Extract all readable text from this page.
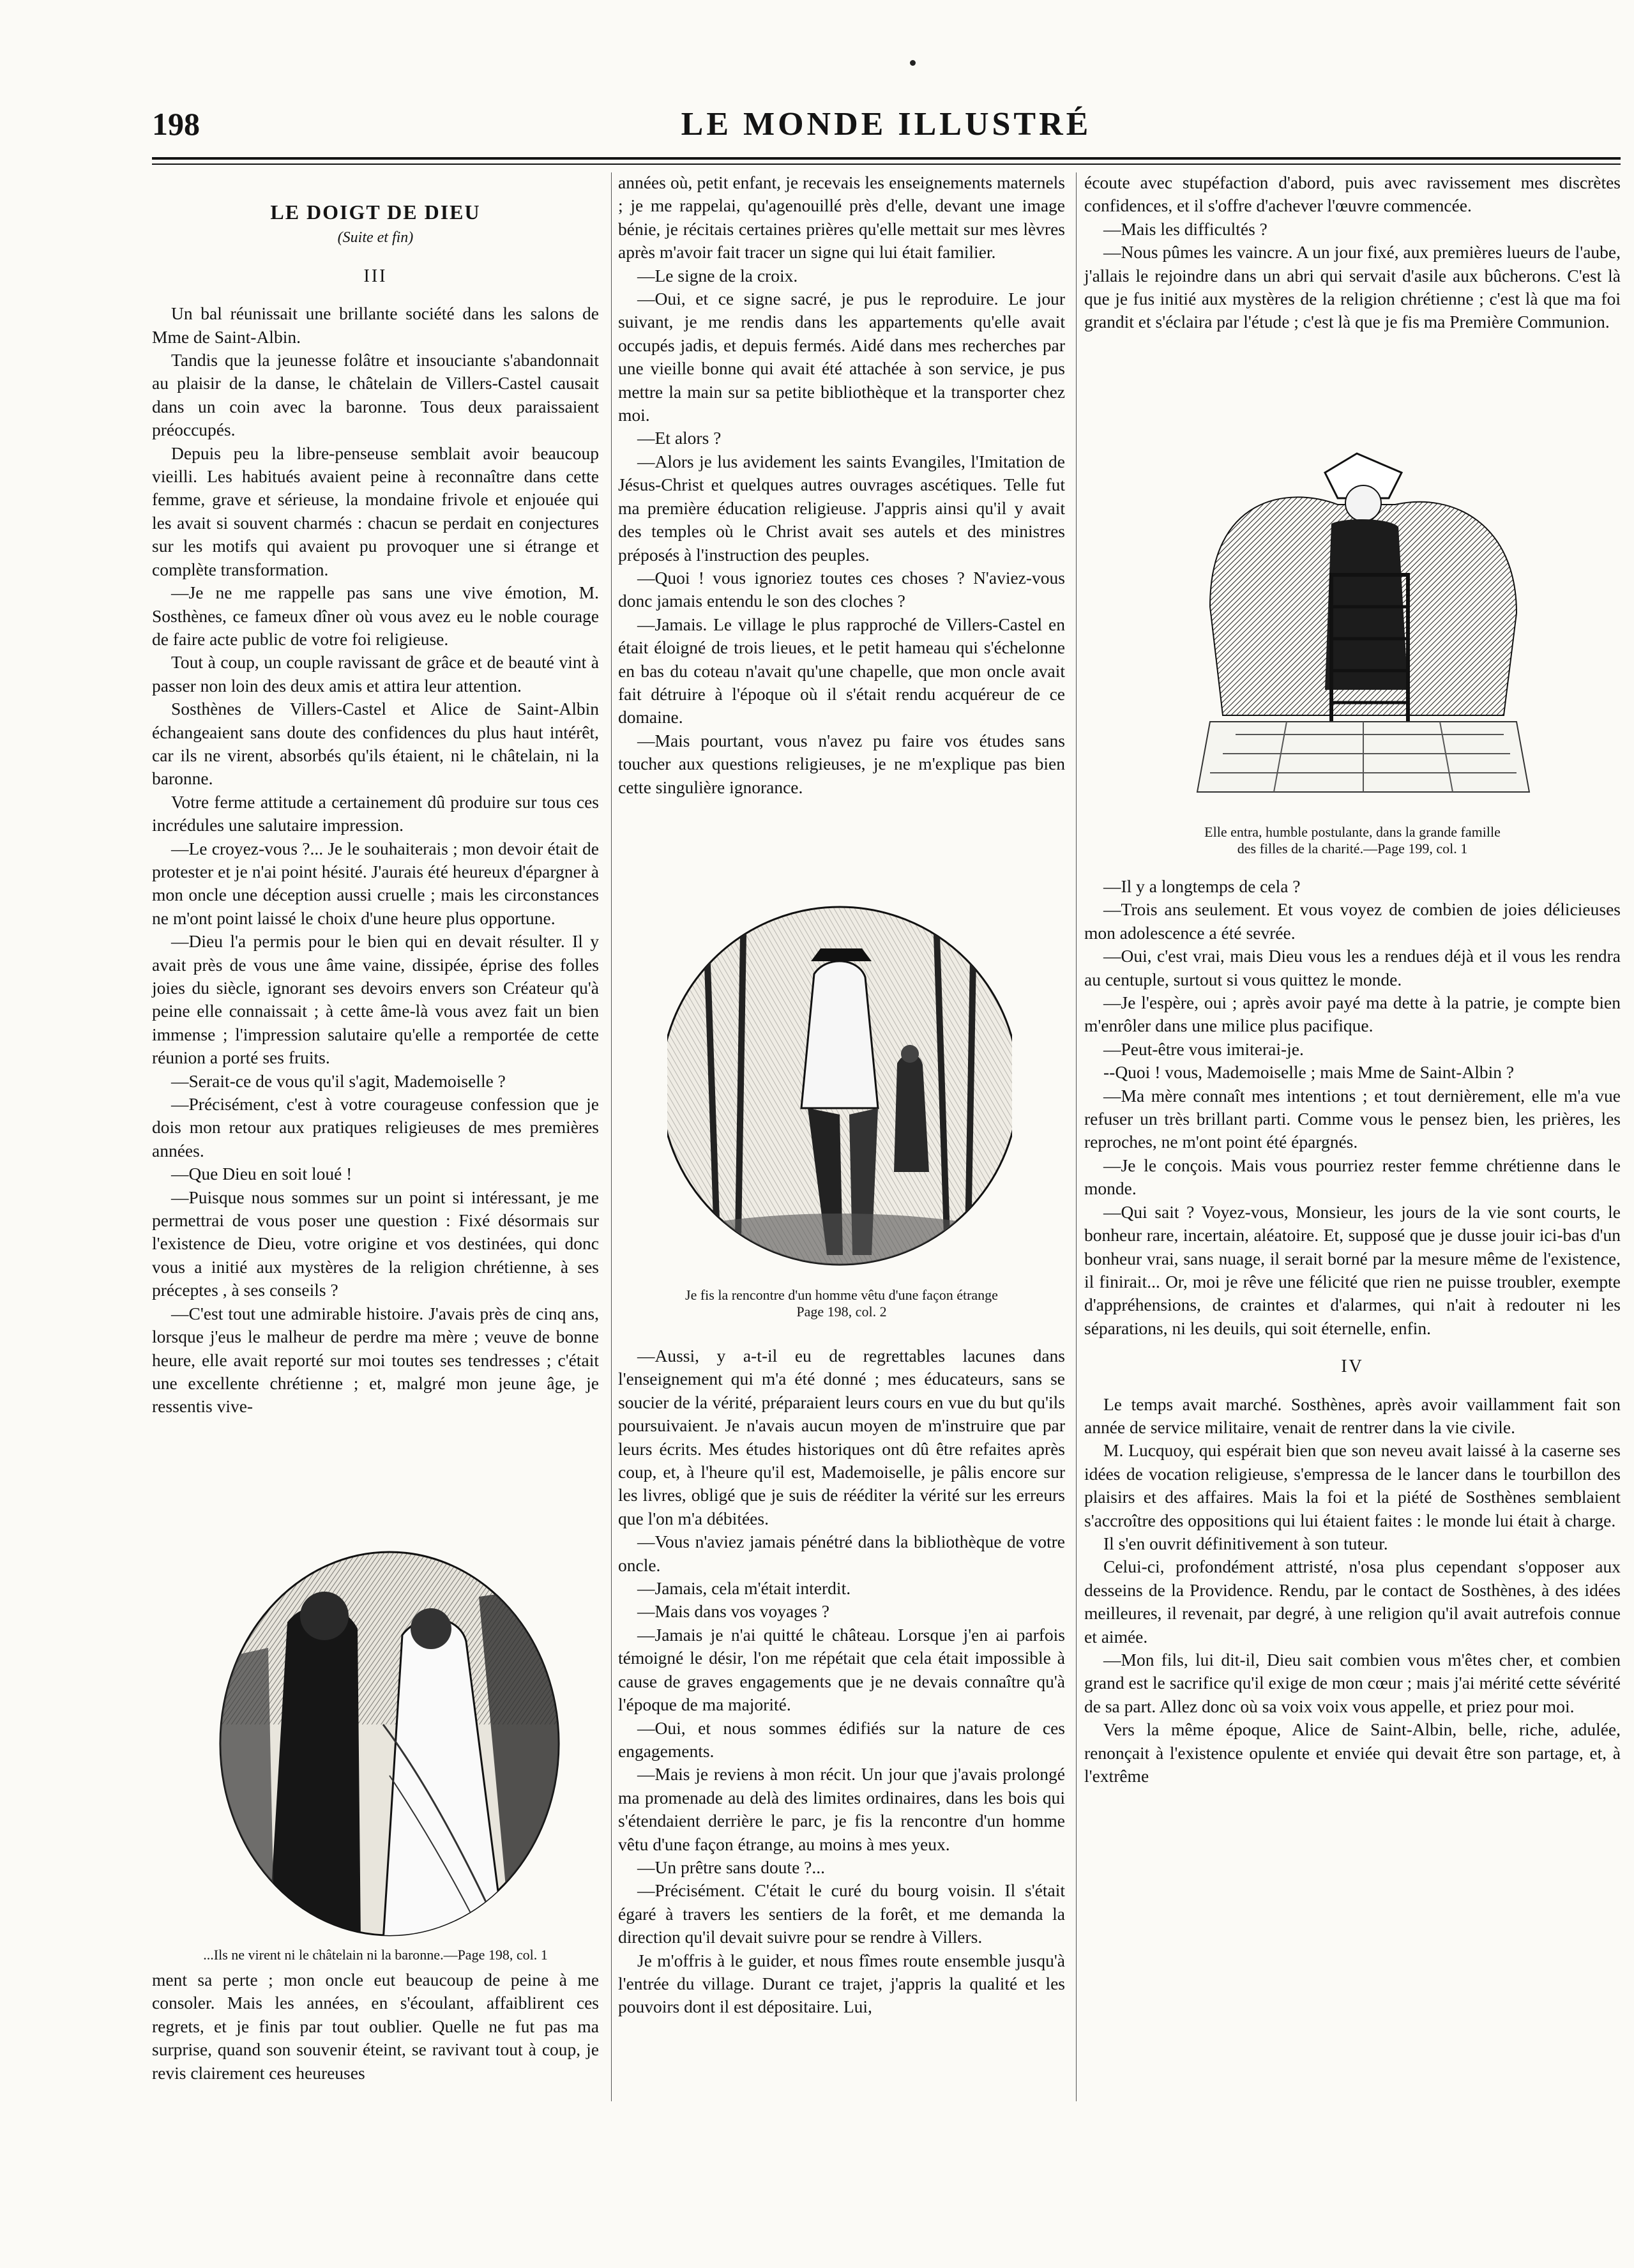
198	LE MONDE ILLUSTRÉ
LE DOIGT DE DIEU
(Suite et fin)
III

Un bal réunissait une brillante société dans les salons de Mme de Saint-Albin.

Tandis que la jeunesse folâtre et insouciante s'abandonnait au plaisir de la danse, le châtelain de Villers-Castel causait dans un coin avec la baronne. Tous deux paraissaient préoccupés.

Depuis peu la libre-penseuse semblait avoir beaucoup vieilli. Les habitués avaient peine à reconnaître dans cette femme, grave et sérieuse, la mondaine frivole et enjouée qui les avait si souvent charmés : chacun se perdait en conjectures sur les motifs qui avaient pu provoquer une si étrange et complète transformation.

—Je ne me rappelle pas sans une vive émotion, M. Sosthènes, ce fameux dîner où vous avez eu le noble courage de faire acte public de votre foi religieuse.

Tout à coup, un couple ravissant de grâce et de beauté vint à passer non loin des deux amis et attira leur attention.

Sosthènes de Villers-Castel et Alice de Saint-Albin échangeaient sans doute des confidences du plus haut intérêt, car ils ne virent, absorbés qu'ils étaient, ni le châtelain, ni la baronne.

Votre ferme attitude a certainement dû produire sur tous ces incrédules une salutaire impression.

—Le croyez-vous ?... Je le souhaiterais ; mon devoir était de protester et je n'ai point hésité. J'aurais été heureux d'épargner à mon oncle une déception aussi cruelle ; mais les circonstances ne m'ont point laissé le choix d'une heure plus opportune.

—Dieu l'a permis pour le bien qui en devait résulter. Il y avait près de vous une âme vaine, dissipée, éprise des folles joies du siècle, ignorant ses devoirs envers son Créateur qu'à peine elle connaissait ; à cette âme-là vous avez fait un bien immense ; l'impression salutaire qu'elle a remportée de cette réunion a porté ses fruits.

—Serait-ce de vous qu'il s'agit, Mademoiselle ?

—Précisément, c'est à votre courageuse confession que je dois mon retour aux pratiques religieuses de mes premières années.

—Que Dieu en soit loué !

—Puisque nous sommes sur un point si intéressant, je me permettrai de vous poser une question : Fixé désormais sur l'existence de Dieu, votre origine et vos destinées, qui donc vous a initié aux mystères de la religion chrétienne, à ses préceptes , à ses conseils ?

—C'est tout une admirable histoire. J'avais près de cinq ans, lorsque j'eus le malheur de perdre ma mère ; veuve de bonne heure, elle avait reporté sur moi toutes ses tendresses ; c'était une excellente chrétienne ; et, malgré mon jeune âge, je ressentis vive-

...Ils ne virent ni le châtelain ni la baronne.—Page 198, col. 1

ment sa perte ; mon oncle eut beaucoup de peine à me consoler. Mais les années, en s'écoulant, affaiblirent ces regrets, et je finis par tout oublier. Quelle ne fut pas ma surprise, quand son souvenir éteint, se ravivant tout à coup, je revis clairement ces heureuses

années où, petit enfant, je recevais les enseignements maternels ; je me rappelai, qu'agenouillé près d'elle, devant une image bénie, je récitais certaines prières qu'elle mettait sur mes lèvres après m'avoir fait tracer un signe qui lui était familier.

—Le signe de la croix.

—Oui, et ce signe sacré, je pus le reproduire. Le jour suivant, je me rendis dans les appartements qu'elle avait occupés jadis, et depuis fermés. Aidé dans mes recherches par une vieille bonne qui avait été attachée à son service, je pus mettre la main sur sa petite bibliothèque et la transporter chez moi.

—Et alors ?

—Alors je lus avidement les saints Evangiles, l'Imitation de Jésus-Christ et quelques autres ouvrages ascétiques. Telle fut ma première éducation religieuse. J'appris ainsi qu'il y avait des temples où le Christ avait ses autels et des ministres préposés à l'instruction des peuples.

—Quoi ! vous ignoriez toutes ces choses ? N'aviez-vous donc jamais entendu le son des cloches ?

—Jamais. Le village le plus rapproché de Villers-Castel en était éloigné de trois lieues, et le petit hameau qui s'échelonne en bas du coteau n'avait qu'une chapelle, que mon oncle avait fait détruire à l'époque où il s'était rendu acquéreur de ce domaine.

—Mais pourtant, vous n'avez pu faire vos études sans toucher aux questions religieuses, je ne m'explique pas bien cette singulière ignorance.

Je fis la rencontre d'un homme vêtu d'une façon étrange
Page 198, col. 2

—Aussi, y a-t-il eu de regrettables lacunes dans l'enseignement qui m'a été donné ; mes éducateurs, sans se soucier de la vérité, préparaient leurs cours en vue du but qu'ils poursuivaient. Je n'avais aucun moyen de m'instruire que par leurs écrits. Mes études historiques ont dû être refaites après coup, et, à l'heure qu'il est, Mademoiselle, je pâlis encore sur les livres, obligé que je suis de rééditer la vérité sur les erreurs que l'on m'a débitées.

—Vous n'aviez jamais pénétré dans la bibliothèque de votre oncle.

—Jamais, cela m'était interdit.

—Mais dans vos voyages ?

—Jamais je n'ai quitté le château. Lorsque j'en ai parfois témoigné le désir, l'on me répétait que cela était impossible à cause de graves engagements que je ne devais connaître qu'à l'époque de ma majorité.

—Oui, et nous sommes édifiés sur la nature de ces engagements.

—Mais je reviens à mon récit. Un jour que j'avais prolongé ma promenade au delà des limites ordinaires, dans les bois qui s'étendaient derrière le parc, je fis la rencontre d'un homme vêtu d'une façon étrange, au moins à mes yeux.

—Un prêtre sans doute ?...

—Précisément. C'était le curé du bourg voisin. Il s'était égaré à travers les sentiers de la forêt, et me demanda la direction qu'il devait suivre pour se rendre à Villers.

Je m'offris à le guider, et nous fîmes route ensemble jusqu'à l'entrée du village. Durant ce trajet, j'appris la qualité et les pouvoirs dont il est dépositaire. Lui,

écoute avec stupéfaction d'abord, puis avec ravissement mes discrètes confidences, et il s'offre d'achever l'œuvre commencée.

—Mais les difficultés ?

—Nous pûmes les vaincre. A un jour fixé, aux premières lueurs de l'aube, j'allais le rejoindre dans un abri qui servait d'asile aux bûcherons. C'est là que je fus initié aux mystères de la religion chrétienne ; c'est là que ma foi grandit et s'éclaira par l'étude ; c'est là que je fis ma Première Communion.

Elle entra, humble postulante, dans la grande famille
des filles de la charité.—Page 199, col. 1

—Il y a longtemps de cela ?

—Trois ans seulement. Et vous voyez de combien de joies délicieuses mon adolescence a été sevrée.

—Oui, c'est vrai, mais Dieu vous les a rendues déjà et il vous les rendra au centuple, surtout si vous quittez le monde.

—Je l'espère, oui ; après avoir payé ma dette à la patrie, je compte bien m'enrôler dans une milice plus pacifique.

—Peut-être vous imiterai-je.

--Quoi ! vous, Mademoiselle ; mais Mme de Saint-Albin ?

—Ma mère connaît mes intentions ; et tout dernièrement, elle m'a vue refuser un très brillant parti. Comme vous le pensez bien, les prières, les reproches, ne m'ont point été épargnés.

—Je le conçois. Mais vous pourriez rester femme chrétienne dans le monde.

—Qui sait ? Voyez-vous, Monsieur, les jours de la vie sont courts, le bonheur rare, incertain, aléatoire. Et, supposé que je dusse jouir ici-bas d'un bonheur vrai, sans nuage, il serait borné par la mesure même de l'existence, il finirait... Or, moi je rêve une félicité que rien ne puisse troubler, exempte d'appréhensions, de craintes et d'alarmes, qui n'ait à redouter ni les séparations, ni les deuils, qui soit éternelle, enfin.

IV

Le temps avait marché. Sosthènes, après avoir vaillamment fait son année de service militaire, venait de rentrer dans la vie civile.

M. Lucquoy, qui espérait bien que son neveu avait laissé à la caserne ses idées de vocation religieuse, s'empressa de le lancer dans le tourbillon des plaisirs et des affaires. Mais la foi et la piété de Sosthènes semblaient s'accroître des oppositions qui lui étaient faites : le monde lui était à charge.

Il s'en ouvrit définitivement à son tuteur.

Celui-ci, profondément attristé, n'osa plus cependant s'opposer aux desseins de la Providence. Rendu, par le contact de Sosthènes, à des idées meilleures, il revenait, par degré, à une religion qu'il avait autrefois connue et aimée.

—Mon fils, lui dit-il, Dieu sait combien vous m'êtes cher, et combien grand est le sacrifice qu'il exige de mon cœur ; mais j'ai mérité cette sévérité de sa part. Allez donc où sa voix voix vous appelle, et priez pour moi.

Vers la même époque, Alice de Saint-Albin, belle, riche, adulée, renonçait à l'existence opulente et enviée qui devait être son partage, et, à l'extrême
